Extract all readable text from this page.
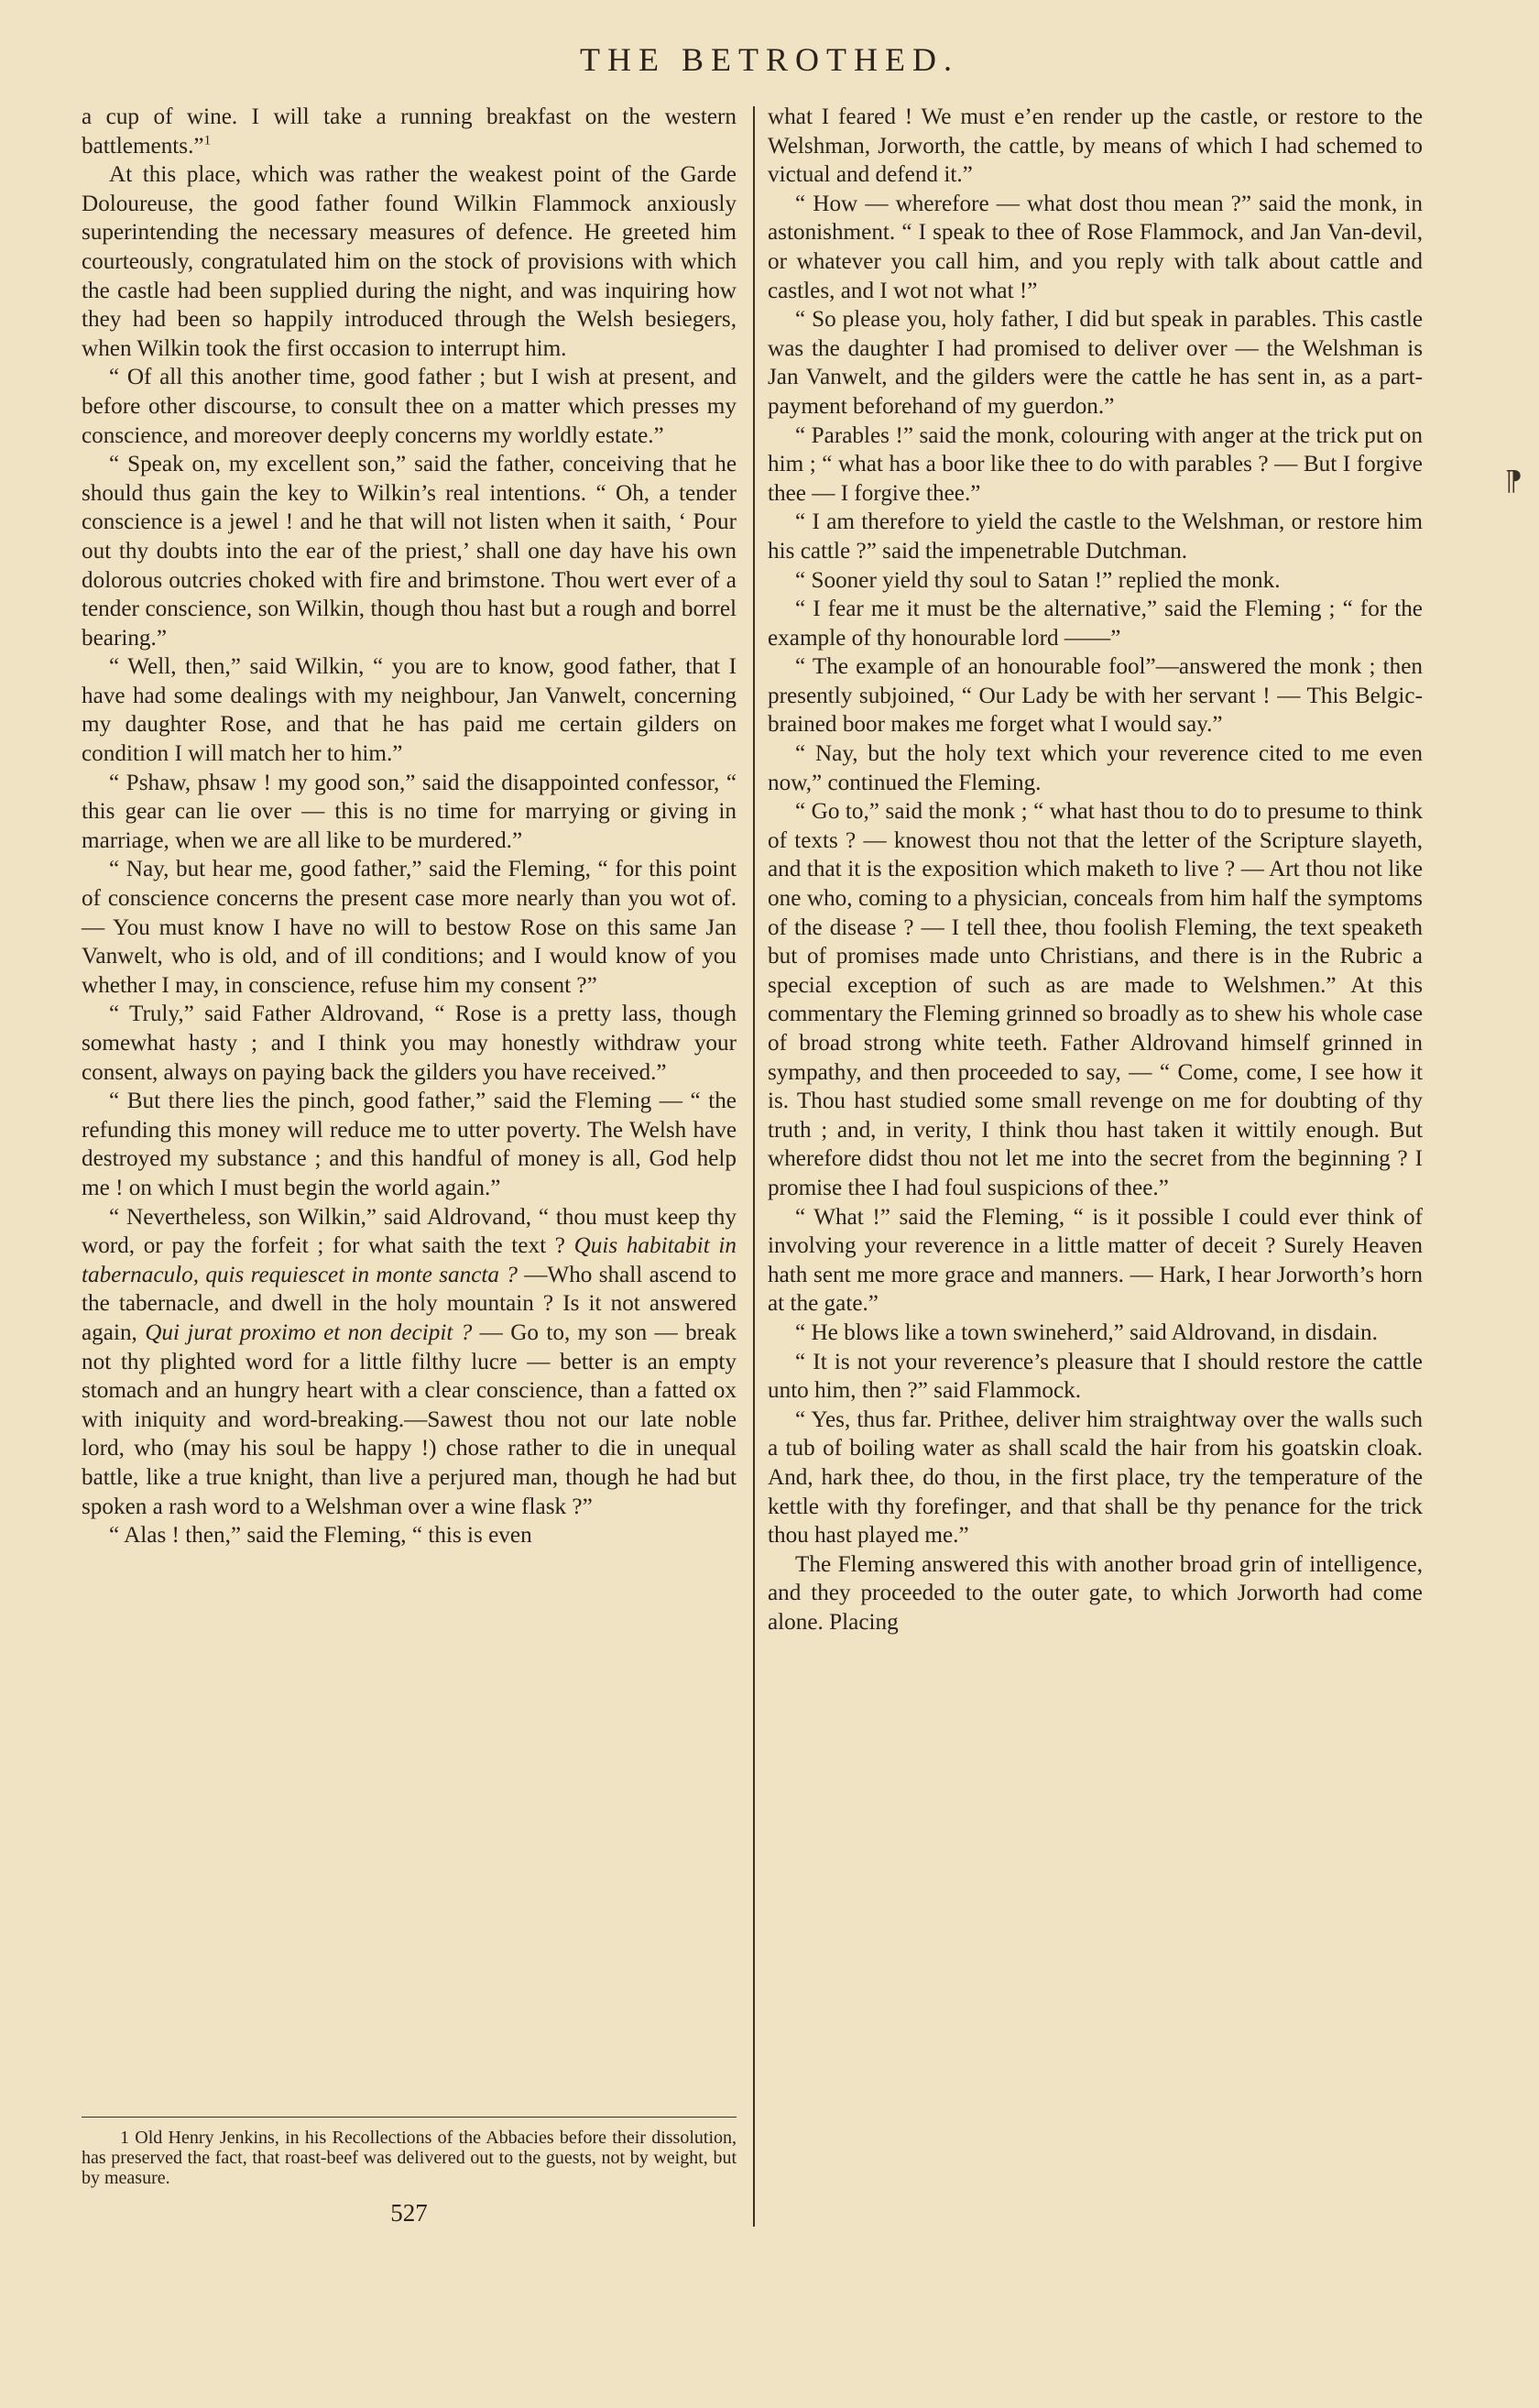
THE BETROTHED.

a cup of wine. I will take a running breakfast on the western battlements.”$^1$

At this place, which was rather the weakest point of the Garde Doloureuse, the good father found Wilkin Flammock anxiously superintending the necessary measures of defence. He greeted him courteously, congratulated him on the stock of provisions with which the castle had been supplied during the night, and was inquiring how they had been so happily introduced through the Welsh besiegers, when Wilkin took the first occasion to interrupt him.

“ Of all this another time, good father ; but I wish at present, and before other discourse, to consult thee on a matter which presses my conscience, and moreover deeply concerns my worldly estate.”

“ Speak on, my excellent son,” said the father, conceiving that he should thus gain the key to Wilkin’s real intentions. “ Oh, a tender conscience is a jewel ! and he that will not listen when it saith, ‘ Pour out thy doubts into the ear of the priest,’ shall one day have his own dolorous outcries choked with fire and brimstone. Thou wert ever of a tender conscience, son Wilkin, though thou hast but a rough and borrel bearing.”

“ Well, then,” said Wilkin, “ you are to know, good father, that I have had some dealings with my neighbour, Jan Vanwelt, concerning my daughter Rose, and that he has paid me certain gilders on condition I will match her to him.”

“ Pshaw, phsaw ! my good son,” said the disappointed confessor, “ this gear can lie over — this is no time for marrying or giving in marriage, when we are all like to be murdered.”

“ Nay, but hear me, good father,” said the Fleming, “ for this point of conscience concerns the present case more nearly than you wot of. — You must know I have no will to bestow Rose on this same Jan Vanwelt, who is old, and of ill conditions; and I would know of you whether I may, in conscience, refuse him my consent ?”

“ Truly,” said Father Aldrovand, “ Rose is a pretty lass, though somewhat hasty ; and I think you may honestly withdraw your consent, always on paying back the gilders you have received.”

“ But there lies the pinch, good father,” said the Fleming — “ the refunding this money will reduce me to utter poverty. The Welsh have destroyed my substance ; and this handful of money is all, God help me ! on which I must begin the world again.”

“ Nevertheless, son Wilkin,” said Aldrovand, “ thou must keep thy word, or pay the forfeit ; for what saith the text ? Quis habitabit in tabernaculo, quis requiescet in monte sancta ? —Who shall ascend to the tabernacle, and dwell in the holy mountain ? Is it not answered again, Qui jurat proximo et non decipit ? — Go to, my son — break not thy plighted word for a little filthy lucre — better is an empty stomach and an hungry heart with a clear conscience, than a fatted ox with iniquity and word-breaking.—Sawest thou not our late noble lord, who (may his soul be happy !) chose rather to die in unequal battle, like a true knight, than live a perjured man, though he had but spoken a rash word to a Welshman over a wine flask ?”

“ Alas ! then,” said the Fleming, “ this is even

1 Old Henry Jenkins, in his Recollections of the Abbacies before their dissolution, has preserved the fact, that roast-beef was delivered out to the guests, not by weight, but by measure.
527

what I feared ! We must e’en render up the castle, or restore to the Welshman, Jorworth, the cattle, by means of which I had schemed to victual and defend it.”

“ How — wherefore — what dost thou mean ?” said the monk, in astonishment. “ I speak to thee of Rose Flammock, and Jan Van-devil, or whatever you call him, and you reply with talk about cattle and castles, and I wot not what !”

“ So please you, holy father, I did but speak in parables. This castle was the daughter I had promised to deliver over — the Welshman is Jan Vanwelt, and the gilders were the cattle he has sent in, as a part-payment beforehand of my guerdon.”

“ Parables !” said the monk, colouring with anger at the trick put on him ; “ what has a boor like thee to do with parables ? — But I forgive thee — I forgive thee.”

“ I am therefore to yield the castle to the Welshman, or restore him his cattle ?” said the impenetrable Dutchman.

“ Sooner yield thy soul to Satan !” replied the monk.

“ I fear me it must be the alternative,” said the Fleming ; “ for the example of thy honourable lord ——”

“ The example of an honourable fool”—answered the monk ; then presently subjoined, “ Our Lady be with her servant ! — This Belgic-brained boor makes me forget what I would say.”

“ Nay, but the holy text which your reverence cited to me even now,” continued the Fleming.

“ Go to,” said the monk ; “ what hast thou to do to presume to think of texts ? — knowest thou not that the letter of the Scripture slayeth, and that it is the exposition which maketh to live ? — Art thou not like one who, coming to a physician, conceals from him half the symptoms of the disease ? — I tell thee, thou foolish Fleming, the text speaketh but of promises made unto Christians, and there is in the Rubric a special exception of such as are made to Welshmen.” At this commentary the Fleming grinned so broadly as to shew his whole case of broad strong white teeth. Father Aldrovand himself grinned in sympathy, and then proceeded to say, — “ Come, come, I see how it is. Thou hast studied some small revenge on me for doubting of thy truth ; and, in verity, I think thou hast taken it wittily enough. But wherefore didst thou not let me into the secret from the beginning ? I promise thee I had foul suspicions of thee.”

“ What !” said the Fleming, “ is it possible I could ever think of involving your reverence in a little matter of deceit ? Surely Heaven hath sent me more grace and manners. — Hark, I hear Jorworth’s horn at the gate.”

“ He blows like a town swineherd,” said Aldrovand, in disdain.

“ It is not your reverence’s pleasure that I should restore the cattle unto him, then ?” said Flammock.

“ Yes, thus far. Prithee, deliver him straightway over the walls such a tub of boiling water as shall scald the hair from his goatskin cloak. And, hark thee, do thou, in the first place, try the temperature of the kettle with thy forefinger, and that shall be thy penance for the trick thou hast played me.”

The Fleming answered this with another broad grin of intelligence, and they proceeded to the outer gate, to which Jorworth had come alone. Placing

⁋
